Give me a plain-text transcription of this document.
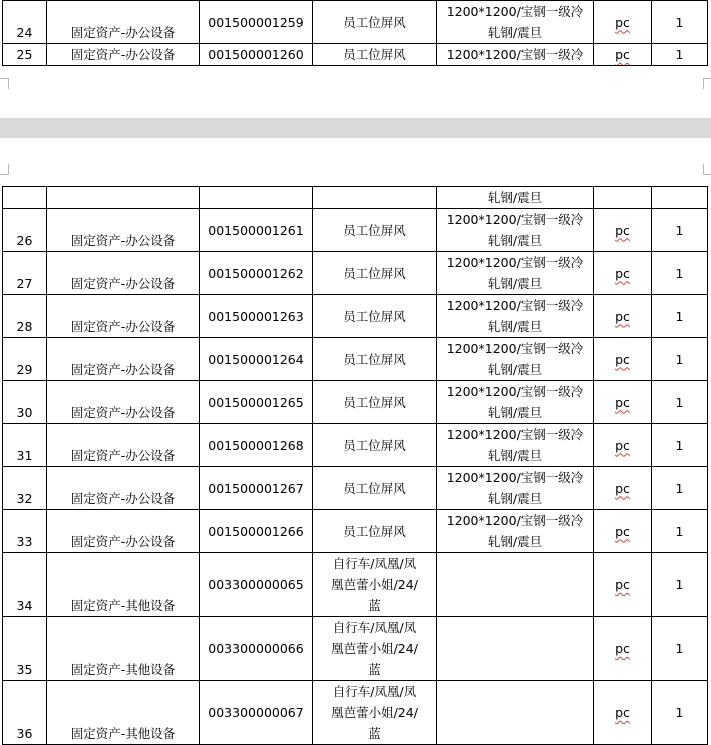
24	固定资产-办公设备	001500001259	员工位屏风	1200*1200/宝钢一级冷
轧钢/震旦	pc	1
25	固定资产-办公设备	001500001260	员工位屏风	1200*1200/宝钢一级冷	pc	1
				轧钢/震旦		
26	固定资产-办公设备	001500001261	员工位屏风	1200*1200/宝钢一级冷
轧钢/震旦	pc	1
27	固定资产-办公设备	001500001262	员工位屏风	1200*1200/宝钢一级冷
轧钢/震旦	pc	1
28	固定资产-办公设备	001500001263	员工位屏风	1200*1200/宝钢一级冷
轧钢/震旦	pc	1
29	固定资产-办公设备	001500001264	员工位屏风	1200*1200/宝钢一级冷
轧钢/震旦	pc	1
30	固定资产-办公设备	001500001265	员工位屏风	1200*1200/宝钢一级冷
轧钢/震旦	pc	1
31	固定资产-办公设备	001500001268	员工位屏风	1200*1200/宝钢一级冷
轧钢/震旦	pc	1
32	固定资产-办公设备	001500001267	员工位屏风	1200*1200/宝钢一级冷
轧钢/震旦	pc	1
33	固定资产-办公设备	001500001266	员工位屏风	1200*1200/宝钢一级冷
轧钢/震旦	pc	1
34	固定资产-其他设备	003300000065	自行车/凤凰/凤
凰芭蕾小姐/24/
蓝		pc	1
35	固定资产-其他设备	003300000066	自行车/凤凰/凤
凰芭蕾小姐/24/
蓝		pc	1
36	固定资产-其他设备	003300000067	自行车/凤凰/凤
凰芭蕾小姐/24/
蓝		pc	1
